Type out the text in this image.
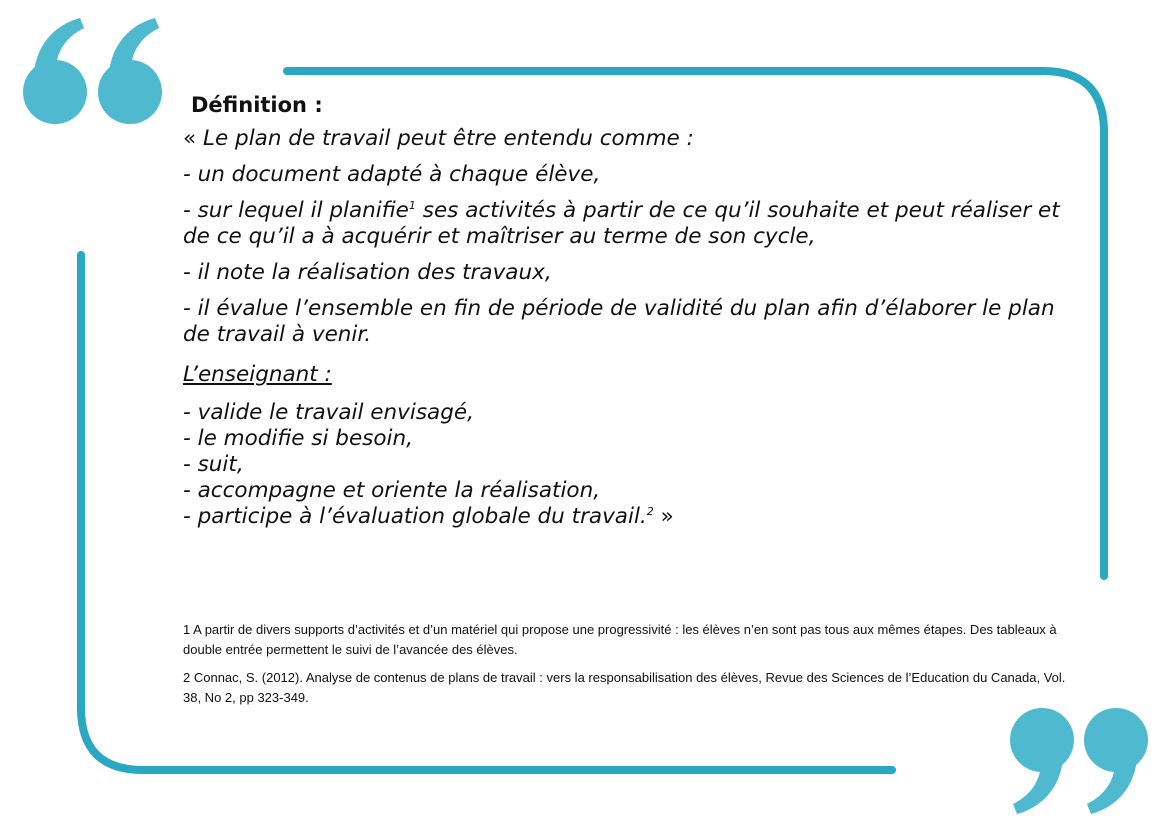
Définition :
« Le plan de travail peut être entendu comme :
- un document adapté à chaque élève,
- sur lequel il planifie$^1$ ses activités à partir de ce qu’il souhaite et peut réaliser et de ce qu’il a à acquérir et maîtriser au terme de son cycle,
- il note la réalisation des travaux,
- il évalue l’ensemble en fin de période de validité du plan afin d’élaborer le plan de travail à venir.
L’enseignant :
- valide le travail envisagé,
- le modifie si besoin,
- suit,
- accompagne et oriente la réalisation,
- participe à l’évaluation globale du travail.$^2$ »

1 A partir de divers supports d’activités et d’un matériel qui propose une progressivité : les élèves n’en sont pas tous aux mêmes étapes. Des tableaux à double entrée permettent le suivi de l’avancée des élèves.

2 Connac, S. (2012). Analyse de contenus de plans de travail : vers la responsabilisation des élèves, Revue des Sciences de l’Education du Canada, Vol. 38, No 2, pp 323-349.
